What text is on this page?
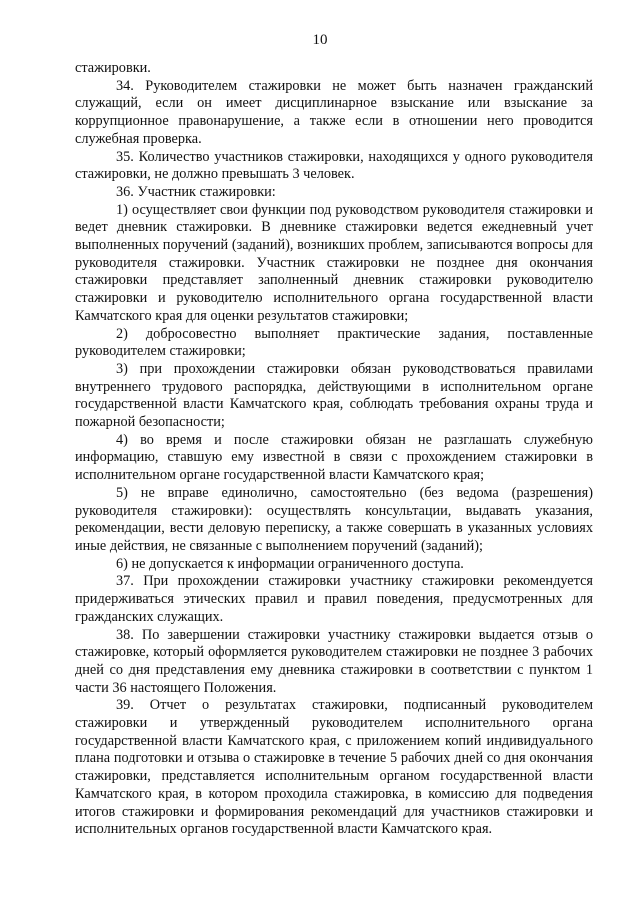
10

стажировки.

34. Руководителем стажировки не может быть назначен гражданский служащий, если он имеет дисциплинарное взыскание или взыскание за коррупционное правонарушение, а также если в отношении него проводится служебная проверка.

35. Количество участников стажировки, находящихся у одного руководителя стажировки, не должно превышать 3 человек.

36. Участник стажировки:

1) осуществляет свои функции под руководством руководителя стажировки и ведет дневник стажировки. В дневнике стажировки ведется ежедневный учет выполненных поручений (заданий), возникших проблем, записываются вопросы для руководителя стажировки. Участник стажировки не позднее дня окончания стажировки представляет заполненный дневник стажировки руководителю стажировки и руководителю исполнительного органа государственной власти Камчатского края для оценки результатов стажировки;

2) добросовестно выполняет практические задания, поставленные руководителем стажировки;

3) при прохождении стажировки обязан руководствоваться правилами внутреннего трудового распорядка, действующими в исполнительном органе государственной власти Камчатского края, соблюдать требования охраны труда и пожарной безопасности;

4) во время и после стажировки обязан не разглашать служебную информацию, ставшую ему известной в связи с прохождением стажировки в исполнительном органе государственной власти Камчатского края;

5) не вправе единолично, самостоятельно (без ведома (разрешения) руководителя стажировки): осуществлять консультации, выдавать указания, рекомендации, вести деловую переписку, а также совершать в указанных условиях иные действия, не связанные с выполнением поручений (заданий);

6) не допускается к информации ограниченного доступа.

37. При прохождении стажировки участнику стажировки рекомендуется придерживаться этических правил и правил поведения, предусмотренных для гражданских служащих.

38. По завершении стажировки участнику стажировки выдается отзыв о стажировке, который оформляется руководителем стажировки не позднее 3 рабочих дней со дня представления ему дневника стажировки в соответствии с пунктом 1 части 36 настоящего Положения.

39. Отчет о результатах стажировки, подписанный руководителем стажировки и утвержденный руководителем исполнительного органа государственной власти Камчатского края, с приложением копий индивидуального плана подготовки и отзыва о стажировке в течение 5 рабочих дней со дня окончания стажировки, представляется исполнительным органом государственной власти Камчатского края, в котором проходила стажировка, в комиссию для подведения итогов стажировки и формирования рекомендаций для участников стажировки и исполнительных органов государственной власти Камчатского края.
